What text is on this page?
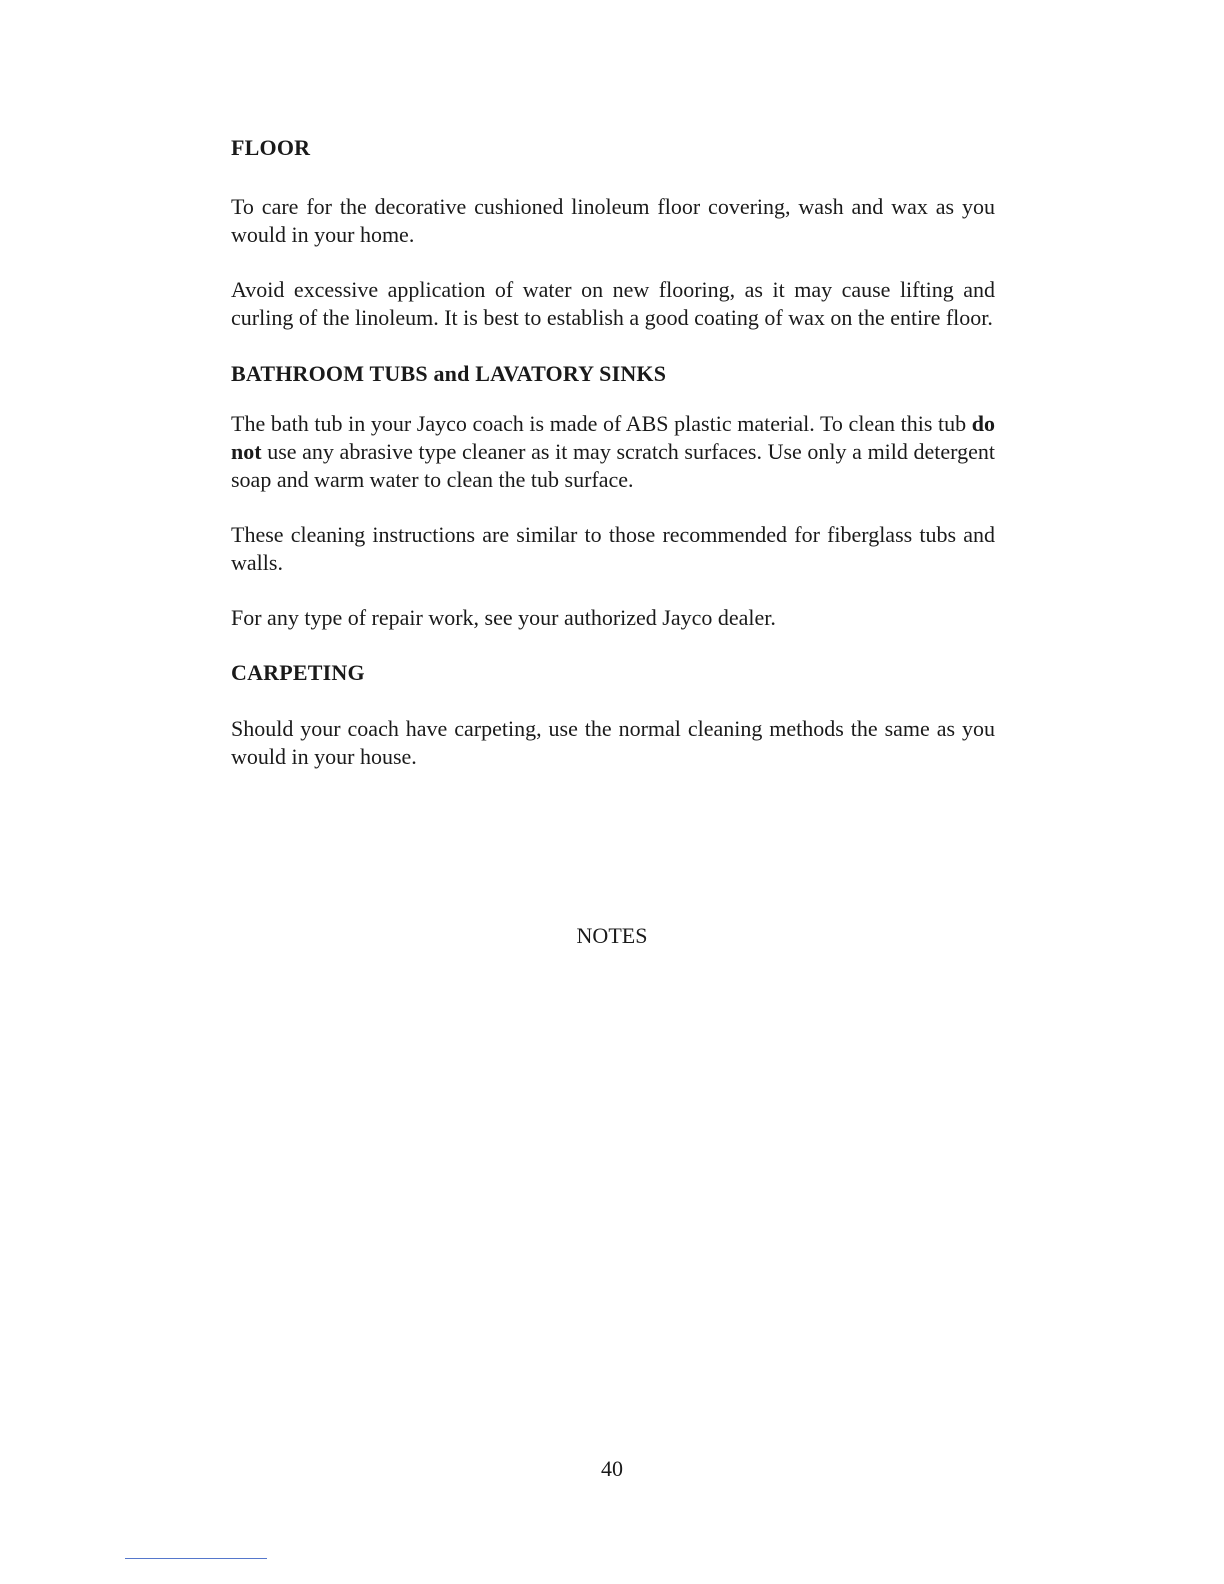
FLOOR

To care for the decorative cushioned linoleum floor covering, wash and wax as you would in your home.

Avoid excessive application of water on new flooring, as it may cause lifting and curling of the linoleum. It is best to establish a good coating of wax on the entire floor.

BATHROOM TUBS and LAVATORY SINKS

The bath tub in your Jayco coach is made of ABS plastic material. To clean this tub do not use any abrasive type cleaner as it may scratch surfaces. Use only a mild detergent soap and warm water to clean the tub surface.

These cleaning instructions are similar to those recommended for fiberglass tubs and walls.

For any type of repair work, see your authorized Jayco dealer.

CARPETING

Should your coach have carpeting, use the normal cleaning methods the same as you would in your house.

NOTES
40
